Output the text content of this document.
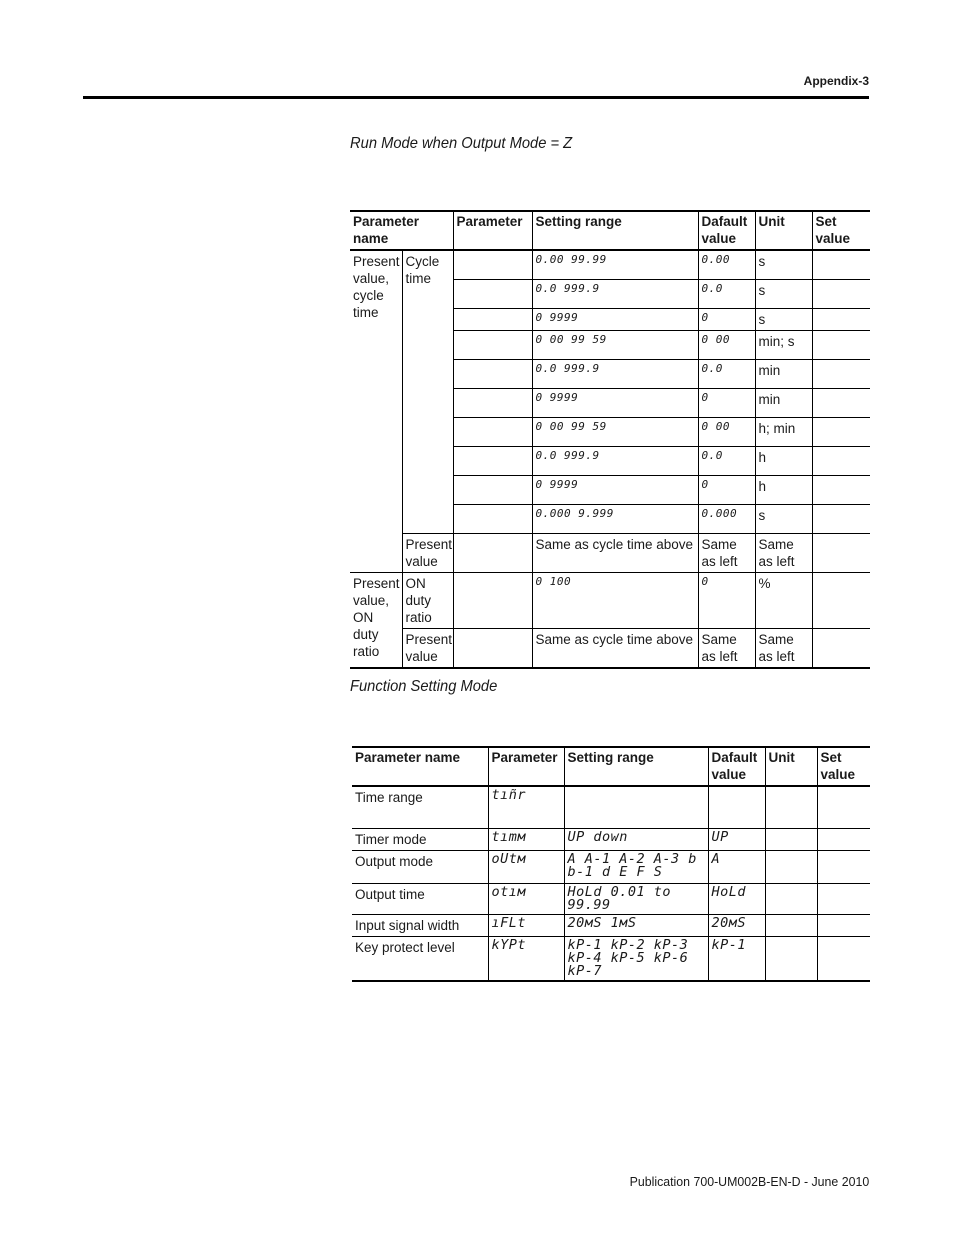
Appendix-3
Run Mode when Output Mode = Z
Parameter name		Parameter	Setting range	Dafault value	Unit	Set value
Present value, cycle time	Cycle time		0.00 99.99	0.00	s	
			0.0 999.9	0.0	s	
			0 9999	0	s	
			0 00 99 59	0 00	min; s	
			0.0 999.9	0.0	min	
			0 9999	0	min	
			0 00 99 59	0 00	h; min	
			0.0 999.9	0.0	h	
			0 9999	0	h	
			0.000 9.999	0.000	s	
	Present value		Same as cycle time above	Same as left	Same as left	
Present value, ON duty ratio	ON duty ratio		0 100	0	%	
	Present value		Same as cycle time above	Same as left	Same as left	
Function Setting Mode
Parameter name	Parameter	Setting range	Dafault value	Unit	Set value
Time range	tıñr				
Timer mode	tımм	UP down	UP		
Output mode	oUtм	A A-1 A-2 A-3 b b-1 d E F S	A		
Output time	otıм	HoLd 0.01 to 99.99	HoLd		
Input signal width	ıFLt	20мS 1мS	20мS		
Key protect level	kYPt	kP-1 kP-2 kP-3 kP-4 kP-5 kP-6 kP-7	kP-1		
Publication 700-UM002B-EN-D - June 2010
